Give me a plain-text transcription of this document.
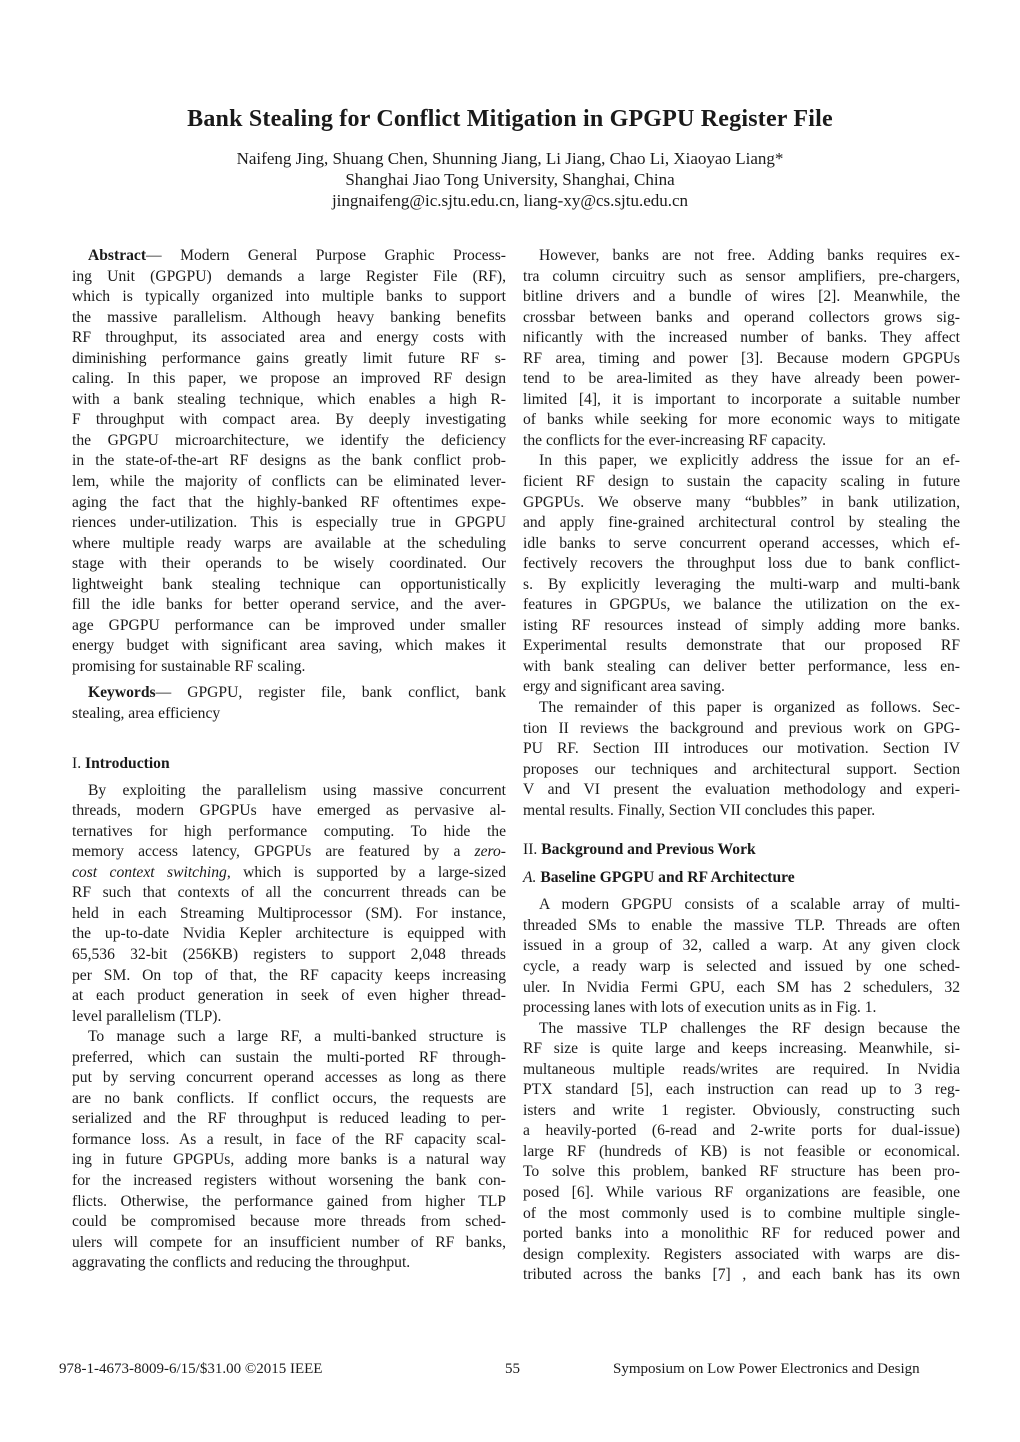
Bank Stealing for Conflict Mitigation in GPGPU Register File
Naifeng Jing, Shuang Chen, Shunning Jiang, Li Jiang, Chao Li, Xiaoyao Liang*
Shanghai Jiao Tong University, Shanghai, China
jingnaifeng@ic.sjtu.edu.cn, liang-xy@cs.sjtu.edu.cn
Abstract— Modern General Purpose Graphic Process-
ing Unit (GPGPU) demands a large Register File (RF),
which is typically organized into multiple banks to support
the massive parallelism. Although heavy banking benefits
RF throughput, its associated area and energy costs with
diminishing performance gains greatly limit future RF s-
caling. In this paper, we propose an improved RF design
with a bank stealing technique, which enables a high R-
F throughput with compact area. By deeply investigating
the GPGPU microarchitecture, we identify the deficiency
in the state-of-the-art RF designs as the bank conflict prob-
lem, while the majority of conflicts can be eliminated lever-
aging the fact that the highly-banked RF oftentimes expe-
riences under-utilization. This is especially true in GPGPU
where multiple ready warps are available at the scheduling
stage with their operands to be wisely coordinated. Our
lightweight bank stealing technique can opportunistically
fill the idle banks for better operand service, and the aver-
age GPGPU performance can be improved under smaller
energy budget with significant area saving, which makes it
promising for sustainable RF scaling.
Keywords— GPGPU, register file, bank conflict, bank
stealing, area efficiency
I. Introduction
By exploiting the parallelism using massive concurrent
threads, modern GPGPUs have emerged as pervasive al-
ternatives for high performance computing. To hide the
memory access latency, GPGPUs are featured by a zero-
cost context switching, which is supported by a large-sized
RF such that contexts of all the concurrent threads can be
held in each Streaming Multiprocessor (SM). For instance,
the up-to-date Nvidia Kepler architecture is equipped with
65,536 32-bit (256KB) registers to support 2,048 threads
per SM. On top of that, the RF capacity keeps increasing
at each product generation in seek of even higher thread-
level parallelism (TLP).
To manage such a large RF, a multi-banked structure is
preferred, which can sustain the multi-ported RF through-
put by serving concurrent operand accesses as long as there
are no bank conflicts. If conflict occurs, the requests are
serialized and the RF throughput is reduced leading to per-
formance loss. As a result, in face of the RF capacity scal-
ing in future GPGPUs, adding more banks is a natural way
for the increased registers without worsening the bank con-
flicts. Otherwise, the performance gained from higher TLP
could be compromised because more threads from sched-
ulers will compete for an insufficient number of RF banks,
aggravating the conflicts and reducing the throughput.
However, banks are not free. Adding banks requires ex-
tra column circuitry such as sensor amplifiers, pre-chargers,
bitline drivers and a bundle of wires [2]. Meanwhile, the
crossbar between banks and operand collectors grows sig-
nificantly with the increased number of banks. They affect
RF area, timing and power [3]. Because modern GPGPUs
tend to be area-limited as they have already been power-
limited [4], it is important to incorporate a suitable number
of banks while seeking for more economic ways to mitigate
the conflicts for the ever-increasing RF capacity.
In this paper, we explicitly address the issue for an ef-
ficient RF design to sustain the capacity scaling in future
GPGPUs. We observe many “bubbles” in bank utilization,
and apply fine-grained architectural control by stealing the
idle banks to serve concurrent operand accesses, which ef-
fectively recovers the throughput loss due to bank conflict-
s. By explicitly leveraging the multi-warp and multi-bank
features in GPGPUs, we balance the utilization on the ex-
isting RF resources instead of simply adding more banks.
Experimental results demonstrate that our proposed RF
with bank stealing can deliver better performance, less en-
ergy and significant area saving.
The remainder of this paper is organized as follows. Sec-
tion II reviews the background and previous work on GPG-
PU RF. Section III introduces our motivation. Section IV
proposes our techniques and architectural support. Section
V and VI present the evaluation methodology and experi-
mental results. Finally, Section VII concludes this paper.
II. Background and Previous Work
A. Baseline GPGPU and RF Architecture
A modern GPGPU consists of a scalable array of multi-
threaded SMs to enable the massive TLP. Threads are often
issued in a group of 32, called a warp. At any given clock
cycle, a ready warp is selected and issued by one sched-
uler. In Nvidia Fermi GPU, each SM has 2 schedulers, 32
processing lanes with lots of execution units as in Fig. 1.
The massive TLP challenges the RF design because the
RF size is quite large and keeps increasing. Meanwhile, si-
multaneous multiple reads/writes are required. In Nvidia
PTX standard [5], each instruction can read up to 3 reg-
isters and write 1 register. Obviously, constructing such
a heavily-ported (6-read and 2-write ports for dual-issue)
large RF (hundreds of KB) is not feasible or economical.
To solve this problem, banked RF structure has been pro-
posed [6]. While various RF organizations are feasible, one
of the most commonly used is to combine multiple single-
ported banks into a monolithic RF for reduced power and
design complexity. Registers associated with warps are dis-
tributed across the banks [7] , and each bank has its own
978-1-4673-8009-6/15/$31.00 ©2015 IEEE	55	Symposium on Low Power Electronics and Design
